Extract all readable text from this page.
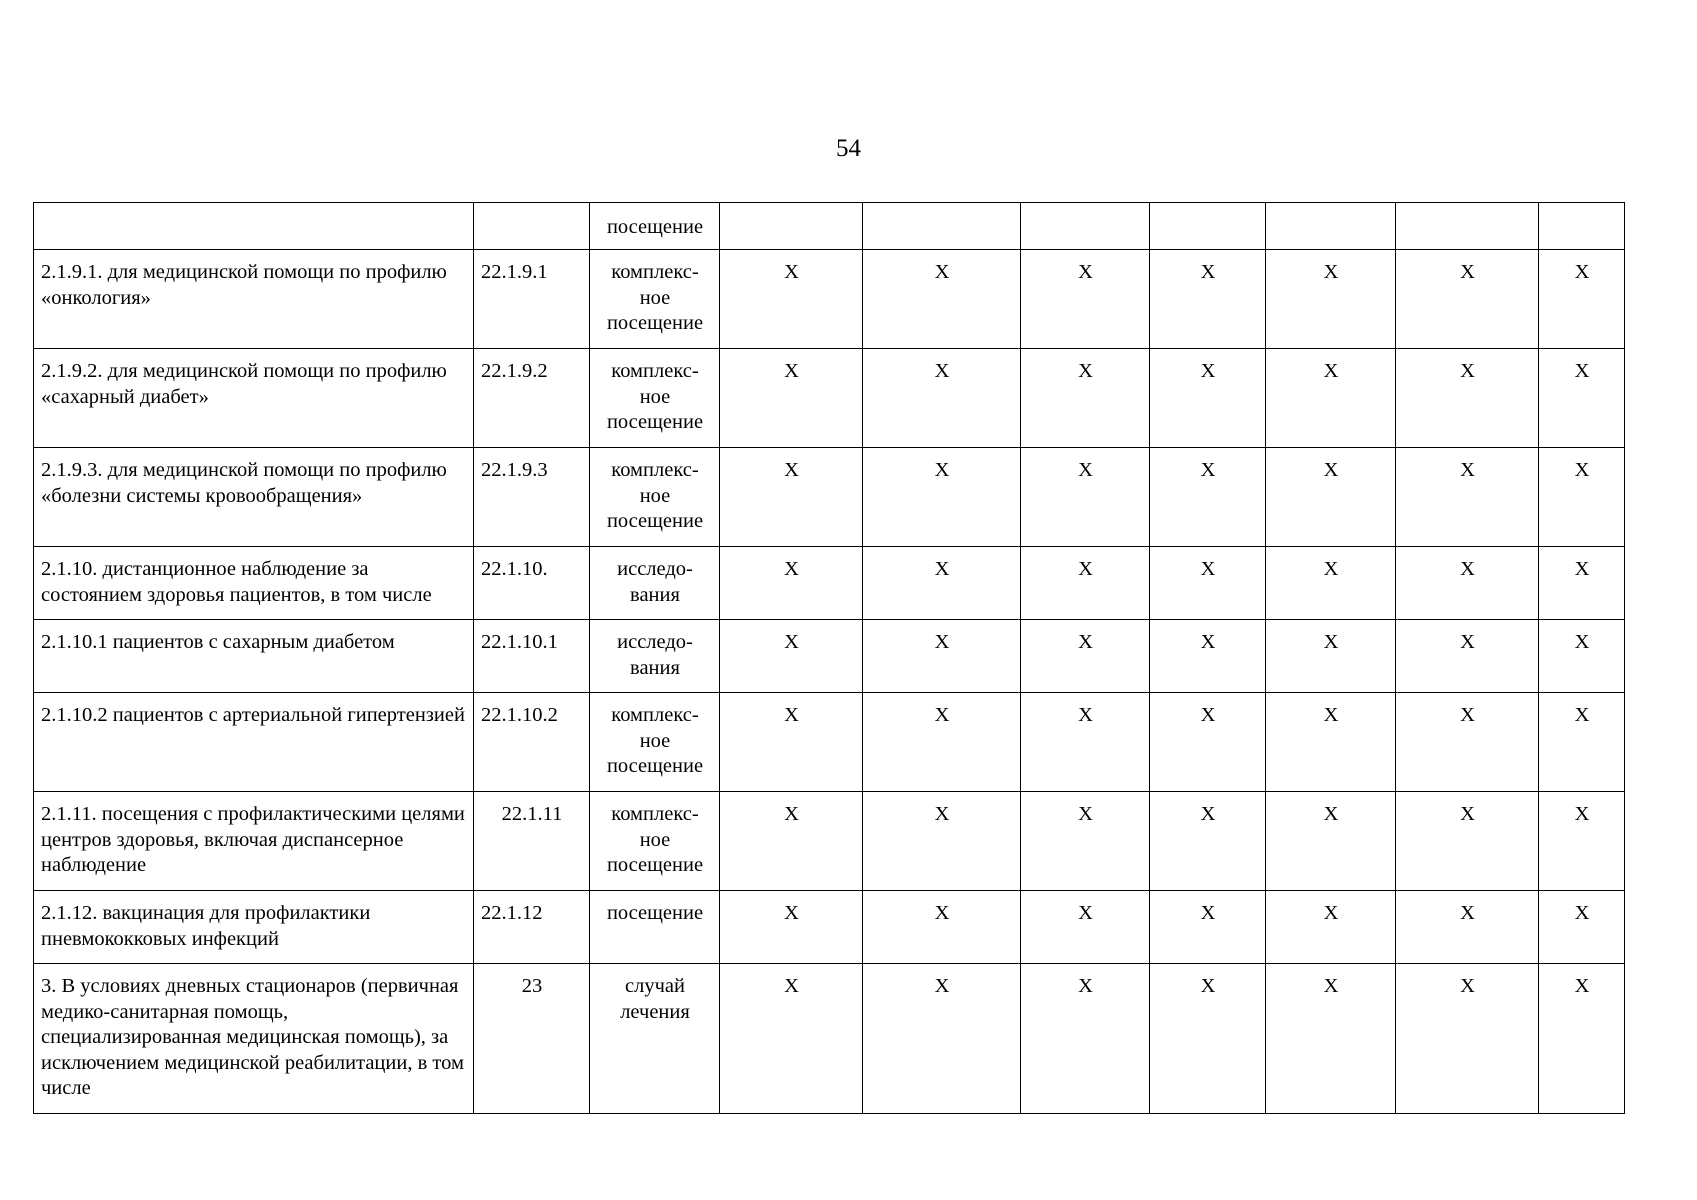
54
		посещение							
2.1.9.1. для медицинской помощи по профилю «онкология»	22.1.9.1	комплекс-ное посещение	Х	Х	Х	Х	Х	Х	Х
2.1.9.2. для медицинской помощи по профилю «сахарный диабет»	22.1.9.2	комплекс-ное посещение	Х	Х	Х	Х	Х	Х	Х
2.1.9.3. для медицинской помощи по профилю «болезни системы кровообращения»	22.1.9.3	комплекс-ное посещение	Х	Х	Х	Х	Х	Х	Х
2.1.10. дистанционное наблюдение за состоянием здоровья пациентов, в том числе	22.1.10.	исследо-вания	Х	Х	Х	Х	Х	Х	Х
2.1.10.1 пациентов с сахарным диабетом	22.1.10.1	исследо-вания	Х	Х	Х	Х	Х	Х	Х
2.1.10.2 пациентов с артериальной гипертензией	22.1.10.2	комплекс-ное посещение	Х	Х	Х	Х	Х	Х	Х
2.1.11. посещения с профилактическими целями центров здоровья, включая диспансерное наблюдение	22.1.11	комплекс-ное посещение	Х	Х	Х	Х	Х	Х	Х
2.1.12. вакцинация для профилактики пневмококковых инфекций	22.1.12	посещение	Х	Х	Х	Х	Х	Х	Х
3. В условиях дневных стационаров (первичная медико-санитарная помощь, специализированная медицинская помощь), за исключением медицинской реабилитации, в том числе	23	случай лечения	Х	Х	Х	Х	Х	Х	Х
